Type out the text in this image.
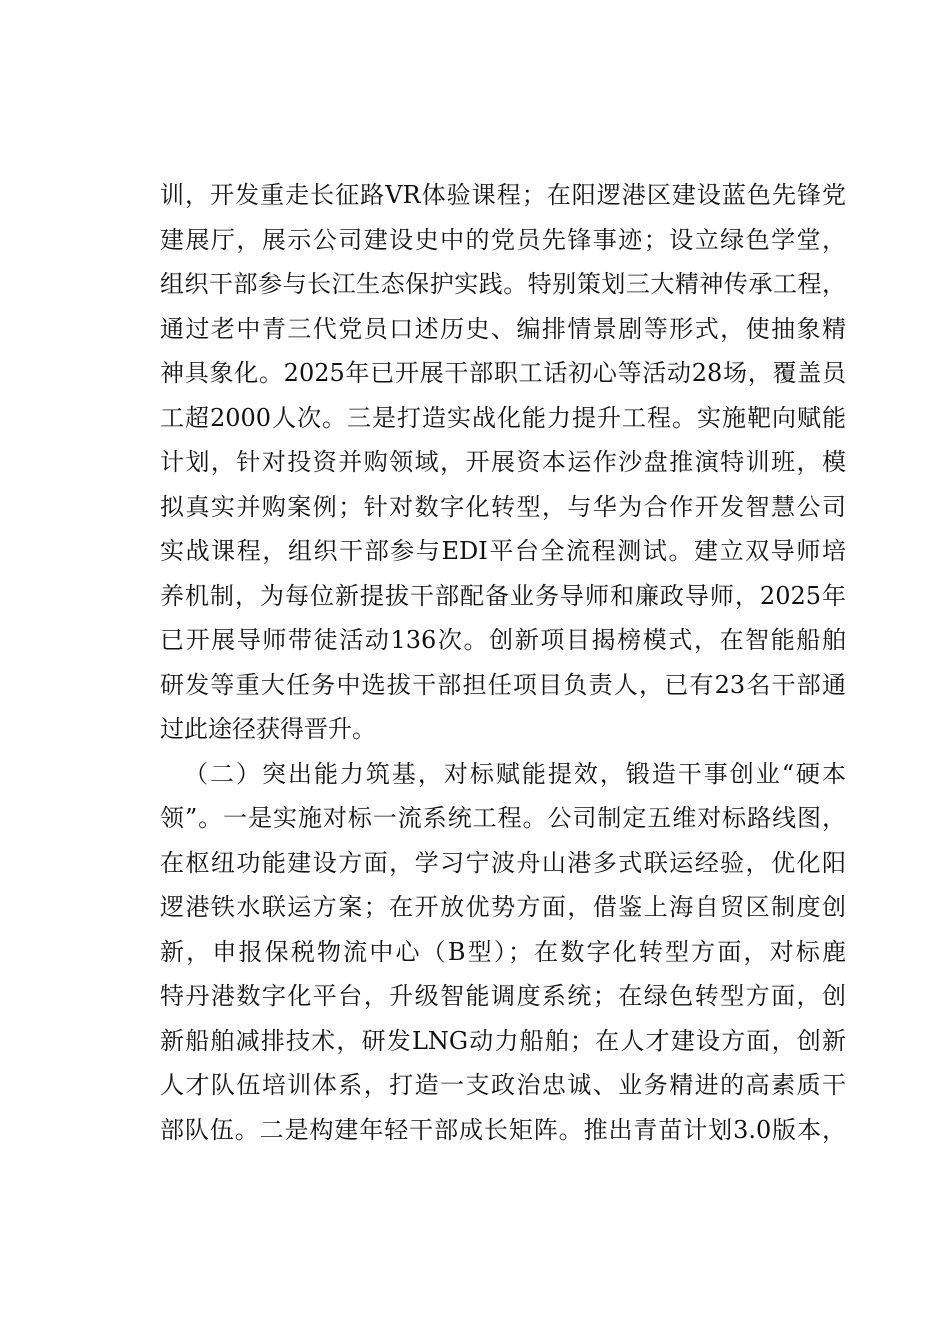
训，开发重走长征路VR体验课程；在阳逻港区建设蓝色先锋党
建展厅，展示公司建设史中的党员先锋事迹；设立绿色学堂，
组织干部参与长江生态保护实践。特别策划三大精神传承工程，
通过老中青三代党员口述历史、编排情景剧等形式，使抽象精
神具象化。2025年已开展干部职工话初心等活动28场，覆盖员
工超2000人次。三是打造实战化能力提升工程。实施靶向赋能
计划，针对投资并购领域，开展资本运作沙盘推演特训班，模
拟真实并购案例；针对数字化转型，与华为合作开发智慧公司
实战课程，组织干部参与EDI平台全流程测试。建立双导师培
养机制，为每位新提拔干部配备业务导师和廉政导师，2025年
已开展导师带徒活动136次。创新项目揭榜模式，在智能船舶
研发等重大任务中选拔干部担任项目负责人，已有23名干部通
过此途径获得晋升。
（二）突出能力筑基，对标赋能提效，锻造干事创业“硬本
领”。一是实施对标一流系统工程。公司制定五维对标路线图，
在枢纽功能建设方面，学习宁波舟山港多式联运经验，优化阳
逻港铁水联运方案；在开放优势方面，借鉴上海自贸区制度创
新，申报保税物流中心（B型）；在数字化转型方面，对标鹿
特丹港数字化平台，升级智能调度系统；在绿色转型方面，创
新船舶减排技术，研发LNG动力船舶；在人才建设方面，创新
人才队伍培训体系，打造一支政治忠诚、业务精进的高素质干
部队伍。二是构建年轻干部成长矩阵。推出青苗计划3.0版本，
